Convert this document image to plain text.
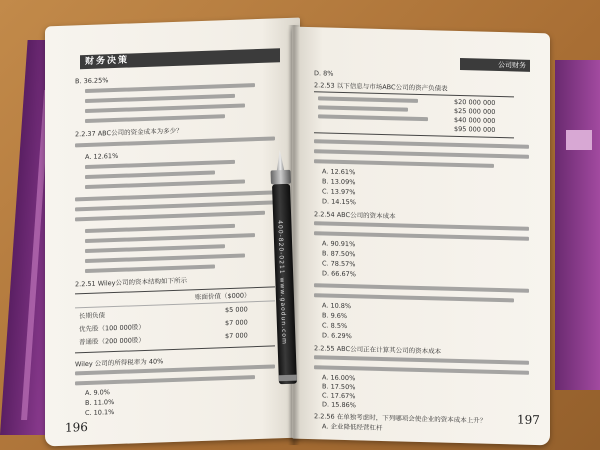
财务决策
B. 36.25%
2.2.37 ABC公司的资金成本为多少？
A. 12.61%
2.2.51 Wiley公司的资本结构如下所示
账面价值（$000）
长期负债
$5 000
优先股（100 000股）
$7 000
普通股（200 000股）
$7 000
Wiley 公司的所得税率为 40%
A. 9.0%
B. 11.0%
C. 10.1%
196
公司财务
D. 8%
2.2.53 以下信息与市场ABC公司的资产负债表
$20 000 000
$25 000 000
$40 000 000
$95 000 000
A. 12.61%
B. 13.09%
C. 13.97%
D. 14.15%
2.2.54 ABC公司的资本成本
A. 90.91%
B. 87.50%
C. 78.57%
D. 66.67%
A. 10.8%
B. 9.6%
C. 8.5%
D. 6.29%
2.2.55 ABC公司正在计算其公司的资本成本
A. 16.00%
B. 17.50%
C. 17.67%
D. 15.86%
2.2.56 在单独考虑时，下列哪项会使企业的资本成本上升？
A. 企业降低经营杠杆
197
400-820-0211 www.gaodun.com
